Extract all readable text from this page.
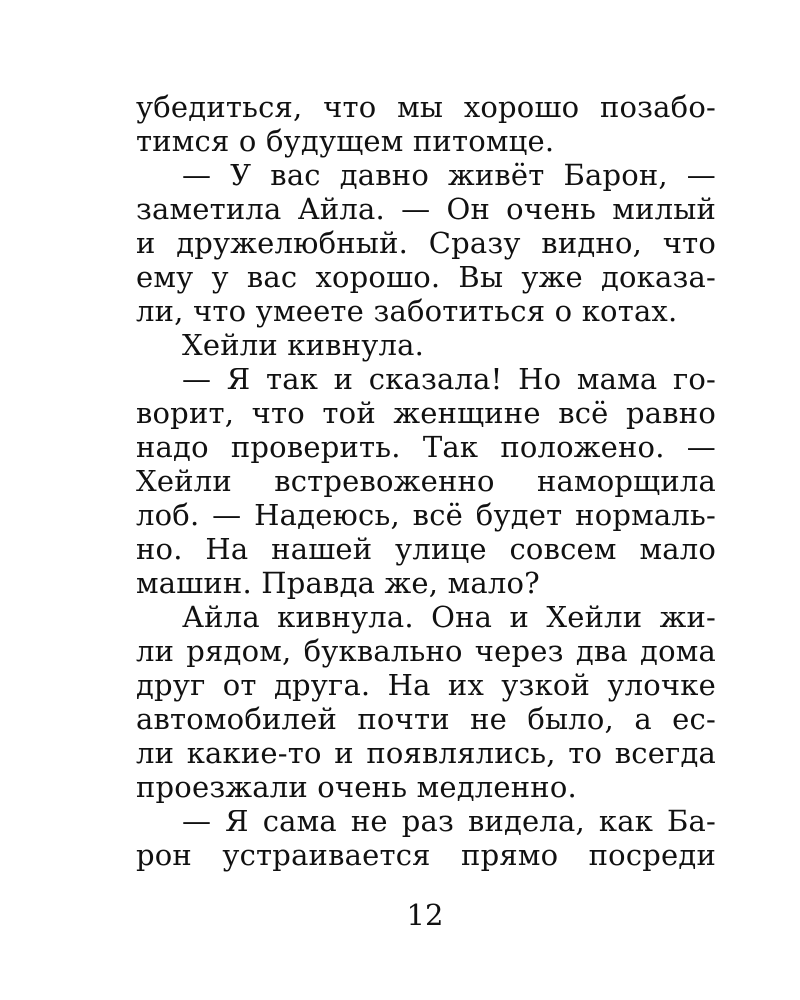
убедиться, что мы хорошо позабо-
тимся о будущем питомце.
— У вас давно живёт Барон, —
заметила Айла. — Он очень милый
и дружелюбный. Сразу видно, что
ему у вас хорошо. Вы уже доказа-
ли, что умеете заботиться о котах.
Хейли кивнула.
— Я так и сказала! Но мама го-
ворит, что той женщине всё равно
надо проверить. Так положено. —
Хейли встревоженно наморщила
лоб. — Надеюсь, всё будет нормаль-
но. На нашей улице совсем мало
машин. Правда же, мало?
Айла кивнула. Она и Хейли жи-
ли рядом, буквально через два дома
друг от друга. На их узкой улочке
автомобилей почти не было, а ес-
ли какие-то и появлялись, то всегда
проезжали очень медленно.
— Я сама не раз видела, как Ба-
рон устраивается прямо посреди
12
